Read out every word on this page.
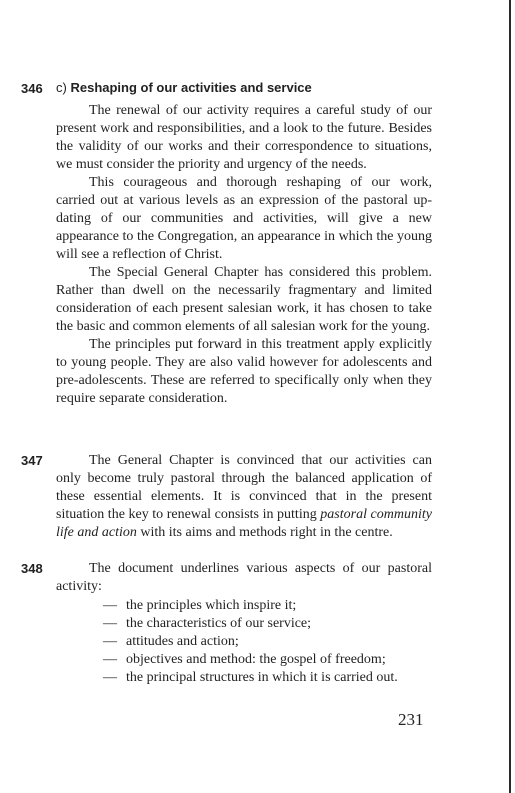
346 c) Reshaping of our activities and service

The renewal of our activity requires a careful study of our present work and responsibilities, and a look to the future. Besides the validity of our works and their correspondence to situations, we must consider the priority and urgency of the needs.

This courageous and thorough reshaping of our work, carried out at various levels as an expression of the pastoral up-dating of our communities and activities, will give a new appearance to the Congregation, an appearance in which the young will see a reflection of Christ.

The Special General Chapter has considered this problem. Rather than dwell on the necessarily fragmentary and limited consideration of each present salesian work, it has chosen to take the basic and common elements of all salesian work for the young.

The principles put forward in this treatment apply explicitly to young people. They are also valid however for adolescents and pre-adolescents. These are referred to specifically only when they require separate consideration.

347	The General Chapter is convinced that our activities can only become truly pastoral through the balanced application of these essential elements. It is convinced that in the present situation the key to renewal consists in putting pastoral community life and action with its aims and methods right in the centre.

348	The document underlines various aspects of our pastoral activity:

— the principles which inspire it;
— the characteristics of our service;
— attitudes and action;
— objectives and method: the gospel of freedom;
— the principal structures in which it is carried out.
231
